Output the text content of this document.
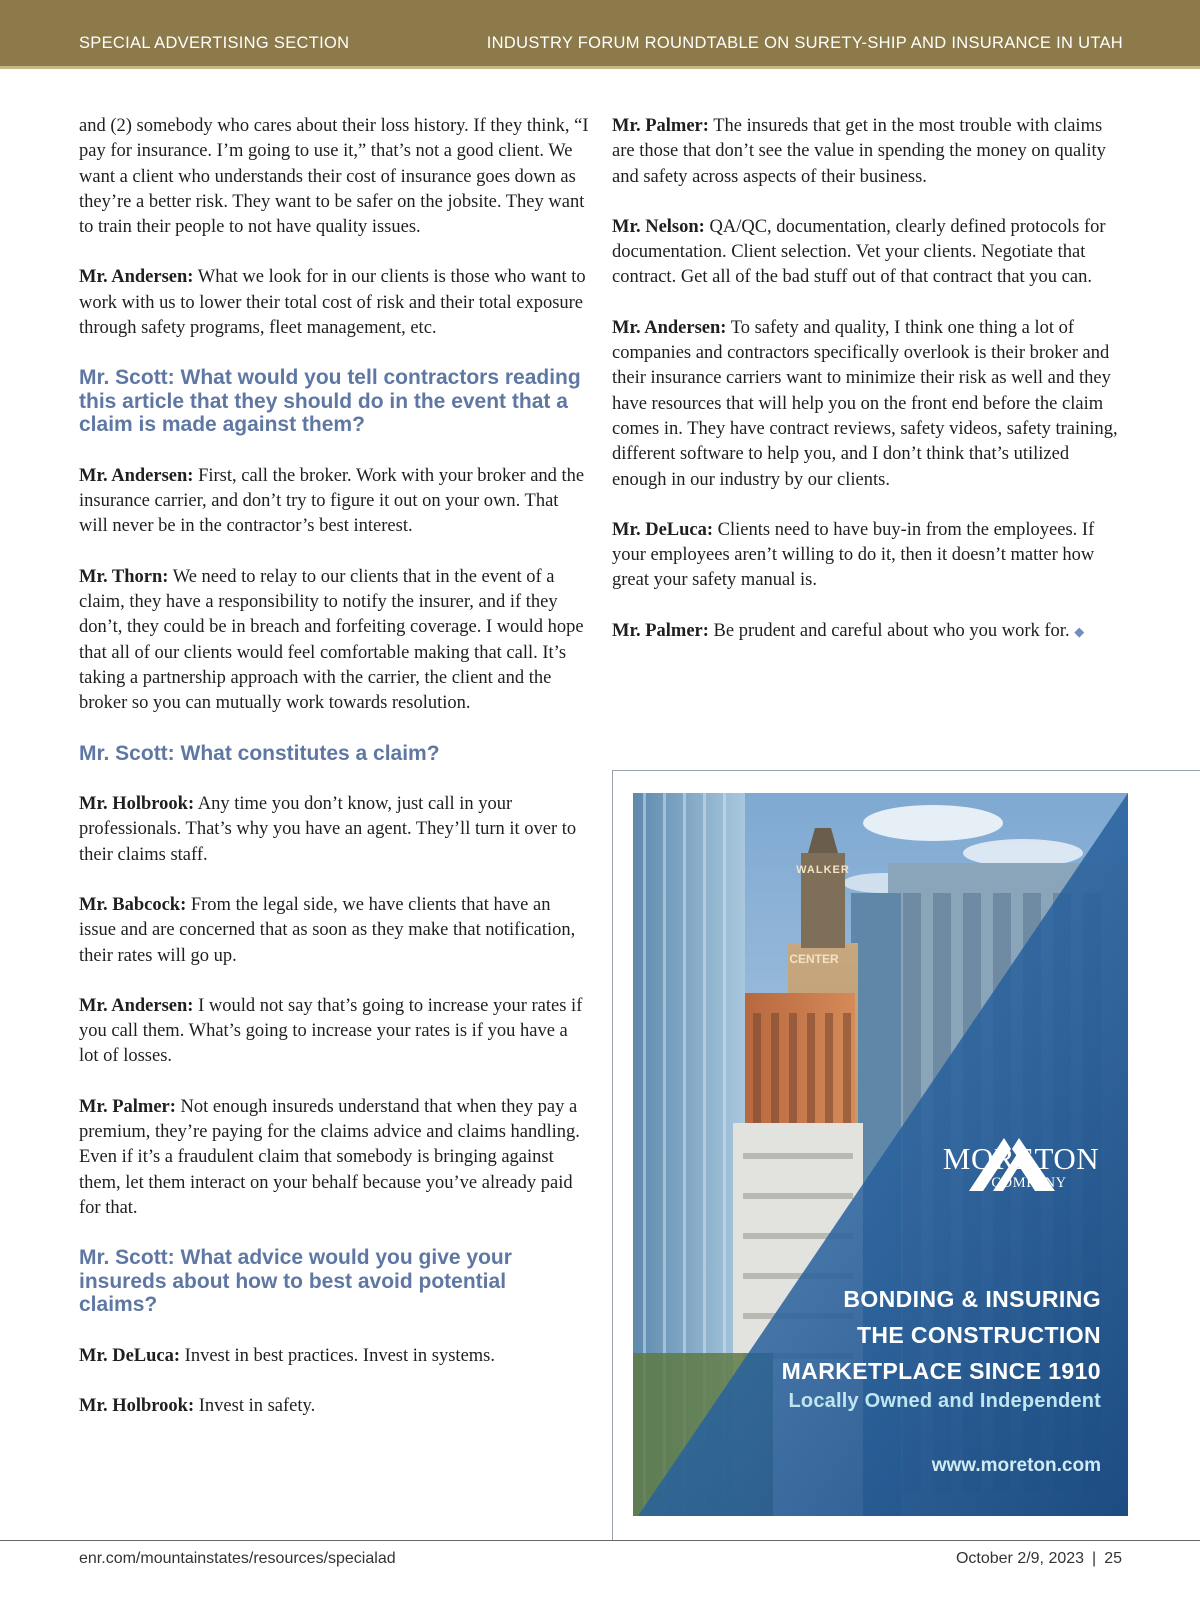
SPECIAL ADVERTISING SECTION	INDUSTRY FORUM ROUNDTABLE ON SURETY-SHIP AND INSURANCE IN UTAH

and (2) somebody who cares about their loss history. If they think, “I pay for insurance. I’m going to use it,” that’s not a good client. We want a client who understands their cost of insurance goes down as they’re a better risk. They want to be safer on the jobsite. They want to train their people to not have quality issues.

Mr. Andersen: What we look for in our clients is those who want to work with us to lower their total cost of risk and their total exposure through safety programs, fleet management, etc.

Mr. Scott: What would you tell contractors reading this article that they should do in the event that a claim is made against them?

Mr. Andersen: First, call the broker. Work with your broker and the insurance carrier, and don’t try to figure it out on your own. That will never be in the contractor’s best interest.

Mr. Thorn: We need to relay to our clients that in the event of a claim, they have a responsibility to notify the insurer, and if they don’t, they could be in breach and forfeiting coverage. I would hope that all of our clients would feel comfortable making that call. It’s taking a partnership approach with the carrier, the client and the broker so you can mutually work towards resolution.

Mr. Scott: What constitutes a claim?

Mr. Holbrook: Any time you don’t know, just call in your professionals. That’s why you have an agent. They’ll turn it over to their claims staff.

Mr. Babcock: From the legal side, we have clients that have an issue and are concerned that as soon as they make that notification, their rates will go up.

Mr. Andersen: I would not say that’s going to increase your rates if you call them. What’s going to increase your rates is if you have a lot of losses.

Mr. Palmer: Not enough insureds understand that when they pay a premium, they’re paying for the claims advice and claims handling. Even if it’s a fraudulent claim that somebody is bringing against them, let them interact on your behalf because you’ve already paid for that.

Mr. Scott: What advice would you give your insureds about how to best avoid potential claims?

Mr. DeLuca: Invest in best practices. Invest in systems.

Mr. Holbrook: Invest in safety.

Mr. Palmer: The insureds that get in the most trouble with claims are those that don’t see the value in spending the money on quality and safety across aspects of their business.

Mr. Nelson: QA/QC, documentation, clearly defined protocols for documentation. Client selection. Vet your clients. Negotiate that contract. Get all of the bad stuff out of that contract that you can.

Mr. Andersen: To safety and quality, I think one thing a lot of companies and contractors specifically overlook is their broker and their insurance carriers want to minimize their risk as well and they have resources that will help you on the front end before the claim comes in. They have contract reviews, safety videos, safety training, different software to help you, and I don’t think that’s utilized enough in our industry by our clients.

Mr. DeLuca: Clients need to have buy-in from the employees. If your employees aren’t willing to do it, then it doesn’t matter how great your safety manual is.

Mr. Palmer: Be prudent and careful about who you work for. ◆

WALKER
CENTER
MORETON
& COMPANY
BONDING & INSURING
THE CONSTRUCTION
MARKETPLACE SINCE 1910
Locally Owned and Independent
www.moreton.com
enr.com/mountainstates/resources/specialad	October 2/9, 2023 | 25
